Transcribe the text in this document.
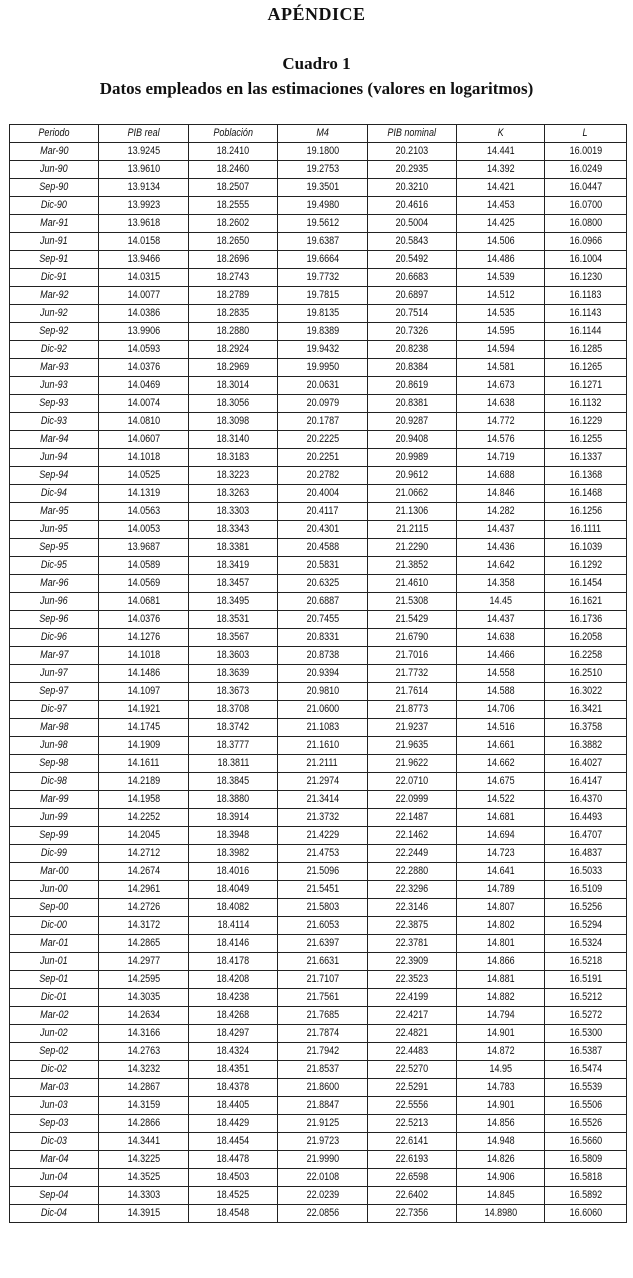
APÉNDICE
Cuadro 1
Datos empleados en las estimaciones (valores en logaritmos)
Periodo	PIB real	Población	M4	PIB nominal	K	L
Mar-90	13.9245	18.2410	19.1800	20.2103	14.441	16.0019
Jun-90	13.9610	18.2460	19.2753	20.2935	14.392	16.0249
Sep-90	13.9134	18.2507	19.3501	20.3210	14.421	16.0447
Dic-90	13.9923	18.2555	19.4980	20.4616	14.453	16.0700
Mar-91	13.9618	18.2602	19.5612	20.5004	14.425	16.0800
Jun-91	14.0158	18.2650	19.6387	20.5843	14.506	16.0966
Sep-91	13.9466	18.2696	19.6664	20.5492	14.486	16.1004
Dic-91	14.0315	18.2743	19.7732	20.6683	14.539	16.1230
Mar-92	14.0077	18.2789	19.7815	20.6897	14.512	16.1183
Jun-92	14.0386	18.2835	19.8135	20.7514	14.535	16.1143
Sep-92	13.9906	18.2880	19.8389	20.7326	14.595	16.1144
Dic-92	14.0593	18.2924	19.9432	20.8238	14.594	16.1285
Mar-93	14.0376	18.2969	19.9950	20.8384	14.581	16.1265
Jun-93	14.0469	18.3014	20.0631	20.8619	14.673	16.1271
Sep-93	14.0074	18.3056	20.0979	20.8381	14.638	16.1132
Dic-93	14.0810	18.3098	20.1787	20.9287	14.772	16.1229
Mar-94	14.0607	18.3140	20.2225	20.9408	14.576	16.1255
Jun-94	14.1018	18.3183	20.2251	20.9989	14.719	16.1337
Sep-94	14.0525	18.3223	20.2782	20.9612	14.688	16.1368
Dic-94	14.1319	18.3263	20.4004	21.0662	14.846	16.1468
Mar-95	14.0563	18.3303	20.4117	21.1306	14.282	16.1256
Jun-95	14.0053	18.3343	20.4301	21.2115	14.437	16.1111
Sep-95	13.9687	18.3381	20.4588	21.2290	14.436	16.1039
Dic-95	14.0589	18.3419	20.5831	21.3852	14.642	16.1292
Mar-96	14.0569	18.3457	20.6325	21.4610	14.358	16.1454
Jun-96	14.0681	18.3495	20.6887	21.5308	14.45	16.1621
Sep-96	14.0376	18.3531	20.7455	21.5429	14.437	16.1736
Dic-96	14.1276	18.3567	20.8331	21.6790	14.638	16.2058
Mar-97	14.1018	18.3603	20.8738	21.7016	14.466	16.2258
Jun-97	14.1486	18.3639	20.9394	21.7732	14.558	16.2510
Sep-97	14.1097	18.3673	20.9810	21.7614	14.588	16.3022
Dic-97	14.1921	18.3708	21.0600	21.8773	14.706	16.3421
Mar-98	14.1745	18.3742	21.1083	21.9237	14.516	16.3758
Jun-98	14.1909	18.3777	21.1610	21.9635	14.661	16.3882
Sep-98	14.1611	18.3811	21.2111	21.9622	14.662	16.4027
Dic-98	14.2189	18.3845	21.2974	22.0710	14.675	16.4147
Mar-99	14.1958	18.3880	21.3414	22.0999	14.522	16.4370
Jun-99	14.2252	18.3914	21.3732	22.1487	14.681	16.4493
Sep-99	14.2045	18.3948	21.4229	22.1462	14.694	16.4707
Dic-99	14.2712	18.3982	21.4753	22.2449	14.723	16.4837
Mar-00	14.2674	18.4016	21.5096	22.2880	14.641	16.5033
Jun-00	14.2961	18.4049	21.5451	22.3296	14.789	16.5109
Sep-00	14.2726	18.4082	21.5803	22.3146	14.807	16.5256
Dic-00	14.3172	18.4114	21.6053	22.3875	14.802	16.5294
Mar-01	14.2865	18.4146	21.6397	22.3781	14.801	16.5324
Jun-01	14.2977	18.4178	21.6631	22.3909	14.866	16.5218
Sep-01	14.2595	18.4208	21.7107	22.3523	14.881	16.5191
Dic-01	14.3035	18.4238	21.7561	22.4199	14.882	16.5212
Mar-02	14.2634	18.4268	21.7685	22.4217	14.794	16.5272
Jun-02	14.3166	18.4297	21.7874	22.4821	14.901	16.5300
Sep-02	14.2763	18.4324	21.7942	22.4483	14.872	16.5387
Dic-02	14.3232	18.4351	21.8537	22.5270	14.95	16.5474
Mar-03	14.2867	18.4378	21.8600	22.5291	14.783	16.5539
Jun-03	14.3159	18.4405	21.8847	22.5556	14.901	16.5506
Sep-03	14.2866	18.4429	21.9125	22.5213	14.856	16.5526
Dic-03	14.3441	18.4454	21.9723	22.6141	14.948	16.5660
Mar-04	14.3225	18.4478	21.9990	22.6193	14.826	16.5809
Jun-04	14.3525	18.4503	22.0108	22.6598	14.906	16.5818
Sep-04	14.3303	18.4525	22.0239	22.6402	14.845	16.5892
Dic-04	14.3915	18.4548	22.0856	22.7356	14.8980	16.6060
